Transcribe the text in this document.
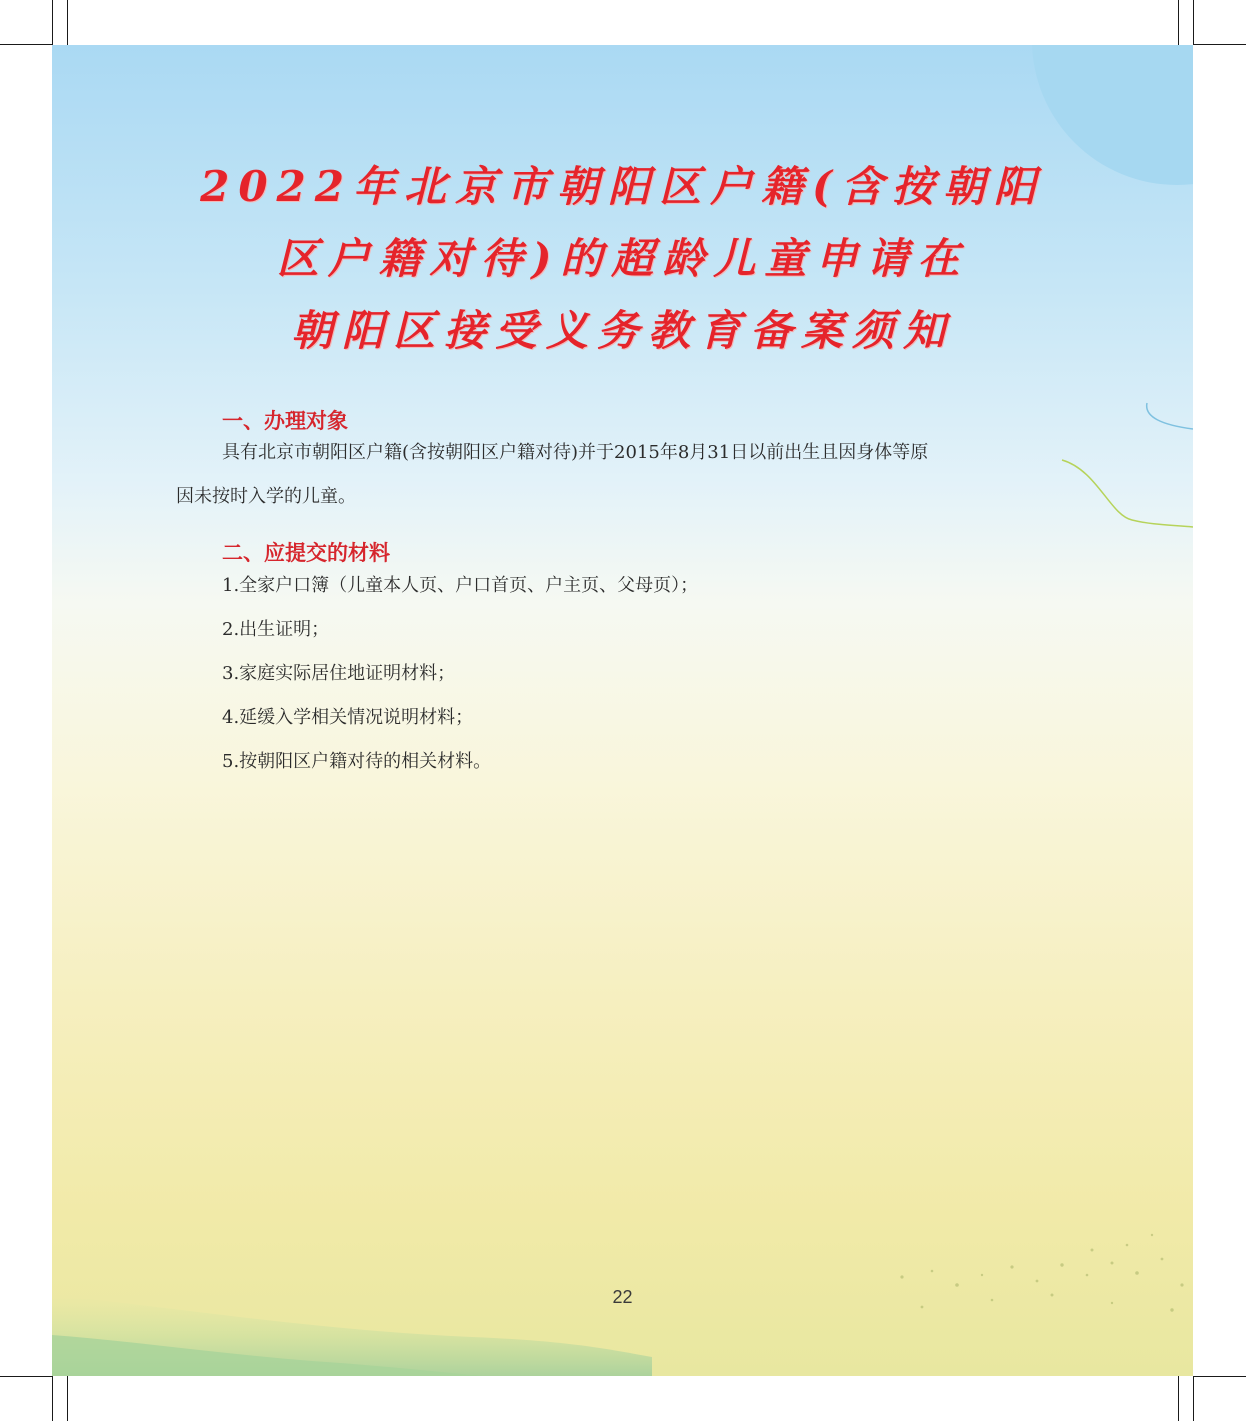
2022年北京市朝阳区户籍(含按朝阳
区户籍对待)的超龄儿童申请在
朝阳区接受义务教育备案须知
一、办理对象

具有北京市朝阳区户籍(含按朝阳区户籍对待)并于2015年8月31日以前出生且因身体等原

因未按时入学的儿童。

二、应提交的材料

1.全家户口簿（儿童本人页、户口首页、户主页、父母页）；

2.出生证明；

3.家庭实际居住地证明材料；

4.延缓入学相关情况说明材料；

5.按朝阳区户籍对待的相关材料。

22
